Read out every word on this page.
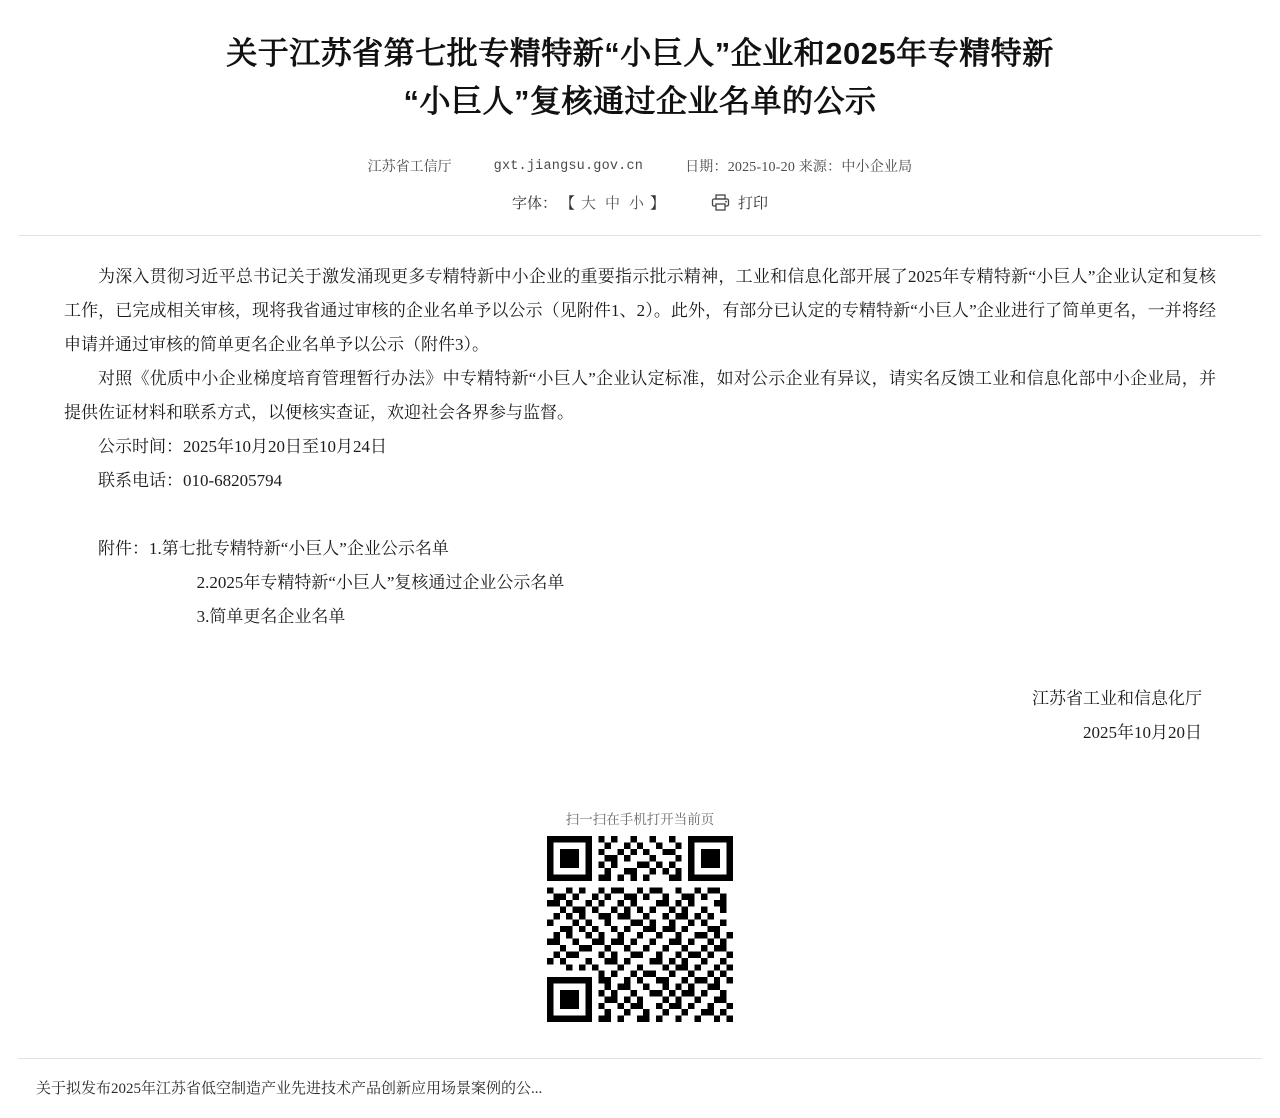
关于江苏省第七批专精特新“小巨人”企业和2025年专精特新
“小巨人”复核通过企业名单的公示
江苏省工信厅	gxt.jiangsu.gov.cn	日期：2025-10-20 来源：中小企业局
字体： 【 大 中 小 】	打印

为深入贯彻习近平总书记关于激发涌现更多专精特新中小企业的重要指示批示精神，工业和信息化部开展了2025年专精特新“小巨人”企业认定和复核工作，已完成相关审核，现将我省通过审核的企业名单予以公示（见附件1、2）。此外，有部分已认定的专精特新“小巨人”企业进行了简单更名，一并将经申请并通过审核的简单更名企业名单予以公示（附件3）。

对照《优质中小企业梯度培育管理暂行办法》中专精特新“小巨人”企业认定标准，如对公示企业有异议，请实名反馈工业和信息化部中小企业局，并提供佐证材料和联系方式，以便核实查证，欢迎社会各界参与监督。

公示时间：2025年10月20日至10月24日

联系电话：010-68205794

附件：1.第七批专精特新“小巨人”企业公示名单

2.2025年专精特新“小巨人”复核通过企业公示名单

3.简单更名企业名单

江苏省工业和信息化厅
2025年10月20日
扫一扫在手机打开当前页
关于拟发布2025年江苏省低空制造产业先进技术产品创新应用场景案例的公...
